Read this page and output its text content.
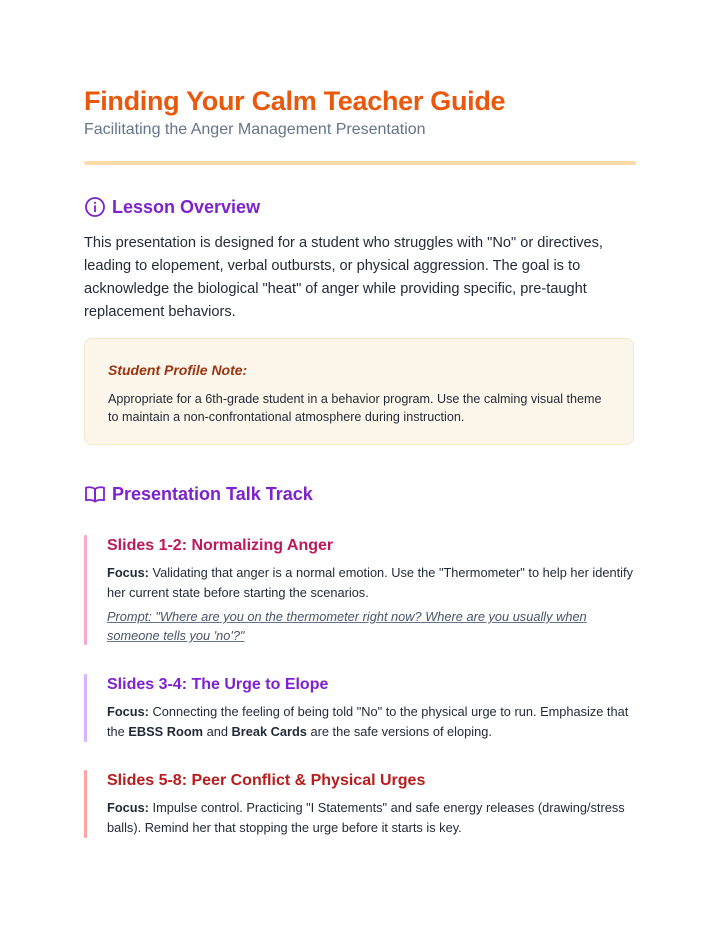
Finding Your Calm Teacher Guide
Facilitating the Anger Management Presentation
Lesson Overview

This presentation is designed for a student who struggles with "No" or directives, leading to elopement, verbal outbursts, or physical aggression. The goal is to acknowledge the biological "heat" of anger while providing specific, pre-taught replacement behaviors.

Student Profile Note:
Appropriate for a 6th-grade student in a behavior program. Use the calming visual theme to maintain a non-confrontational atmosphere during instruction.
Presentation Talk Track
Slides 1-2: Normalizing Anger
Focus: Validating that anger is a normal emotion. Use the "Thermometer" to help her identify her current state before starting the scenarios.
Prompt: "Where are you on the thermometer right now? Where are you usually when someone tells you 'no'?"
Slides 3-4: The Urge to Elope
Focus: Connecting the feeling of being told "No" to the physical urge to run. Emphasize that the EBSS Room and Break Cards are the safe versions of eloping.
Slides 5-8: Peer Conflict & Physical Urges
Focus: Impulse control. Practicing "I Statements" and safe energy releases (drawing/stress balls). Remind her that stopping the urge before it starts is key.
